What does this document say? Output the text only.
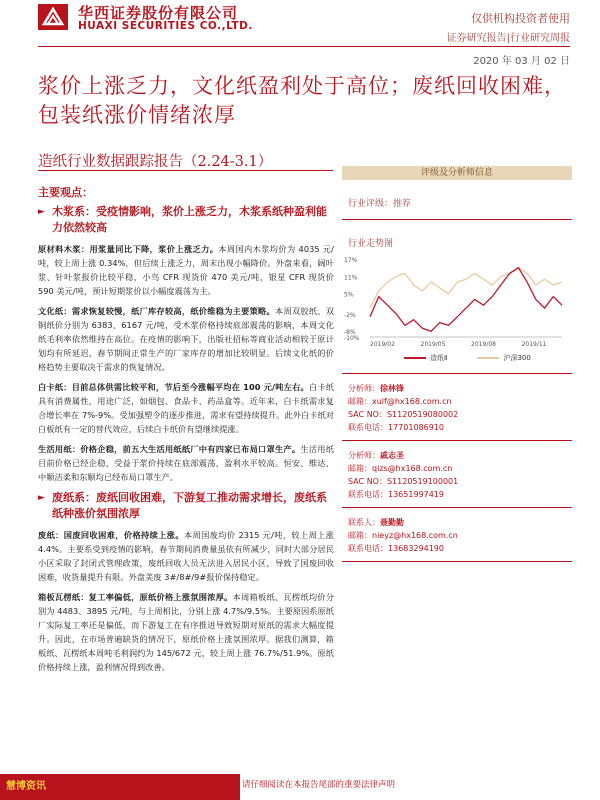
华西证券股份有限公司
HUAXI SECURITIES CO.,LTD.
仅供机构投资者使用
证券研究报告|行业研究周报
2020 年 03 月 02 日
浆价上涨乏力，文化纸盈利处于高位；废纸回收困难，包装纸涨价情绪浓厚
造纸行业数据跟踪报告（2.24-3.1）
主要观点：
► 木浆系：受疫情影响，浆价上涨乏力，木浆系纸种盈利能力依然较高
原材料木浆：用浆量同比下降，浆价上涨乏力。本周国内木浆均价为 4035 元/吨，较上周上涨 0.34%，但后续上涨乏力，周末出现小幅降价。外盘来看，阔叶浆、针叶浆报价比较平稳，小鸟 CFR 现货价 470 美元/吨，银星 CFR 现货价 590 美元/吨，预计短期浆价以小幅度震荡为主。
文化纸：需求恢复较慢，纸厂库存较高，纸价维稳为主要策略。本周双胶纸、双铜纸价分别为 6383、6167 元/吨，受木浆价格持续底部震荡的影响，本周文化纸毛利率依然维持在高位。在疫情的影响下，出版社招标等商业活动相较于原计划均有所延迟，春节期间正常生产的厂家库存的增加比较明显。后续文化纸的价格趋势主要取决于需求的恢复情况。
白卡纸：目前总体供需比较平和，节后至今涨幅平均在 100 元/吨左右。白卡纸具有消费属性，用途广泛，如烟包、食品卡、药品盒等。近年来，白卡纸需求复合增长率在 7%-9%。受加强塑令的逐步推进，需求有望持续提升。此外白卡纸对白板纸有一定的替代效应，后续白卡纸价有望继续提涨。
生活用纸：价格企稳，前五大生活用纸纸厂中有四家已布局口罩生产。生活用纸目前价格已经企稳，受益于浆价持续在底部震荡，盈利水平较高。恒安、维达、中顺洁柔和东顺均已经布局口罩生产。
► 废纸系：废纸回收困难，下游复工推动需求增长，废纸系纸种涨价氛围浓厚
废纸：国废回收困难，价格持续上涨。本周国废均价 2315 元/吨，较上周上涨 4.4%。主要系受到疫情的影响，春节期间消费量虽依有所减少，同时大部分居民小区采取了封闭式管理政策，废纸回收人员无法进入居民小区，导致了国废回收困难，收货量提升有限。外盘美废 3#/8#/9#报价保持稳定。
箱板瓦楞纸：复工率偏低，原纸价格上涨氛围浓厚。本周箱板纸、瓦楞纸均价分别为 4483、3895 元/吨，与上周相比，分别上涨 4.7%/9.5%。主要原因系原纸厂实际复工率还是偏低，而下游复工在有序推进导致短期对原纸的需求大幅度提升。因此，在市场普遍缺货的情况下，原纸价格上涨氛围浓厚。据我们测算，箱板纸、瓦楞纸本周吨毛利润约为 145/672 元，较上周上涨 76.7%/51.9%。原纸价格持续上涨，盈利情况得到改善。
评级及分析师信息
行业评级：推荐
行业走势图
17%
11%
5%
-2%
-8%
-10%
2019/02	2019/05	2019/08	2019/11
造纸Ⅱ	沪深300
分析师：徐林锋
邮箱：xulf@hx168.com.cn
SAC NO：S1120519080002
联系电话：17701086910
分析师：戚志圣
邮箱：qizs@hx168.com.cn
SAC NO：S1120519100001
联系电话：13651997419
联系人：聂勤勤
邮箱：nieyz@hx168.com.cn
联系电话：13683294190
慧博资讯	请仔细阅读在本报告尾部的重要法律声明
